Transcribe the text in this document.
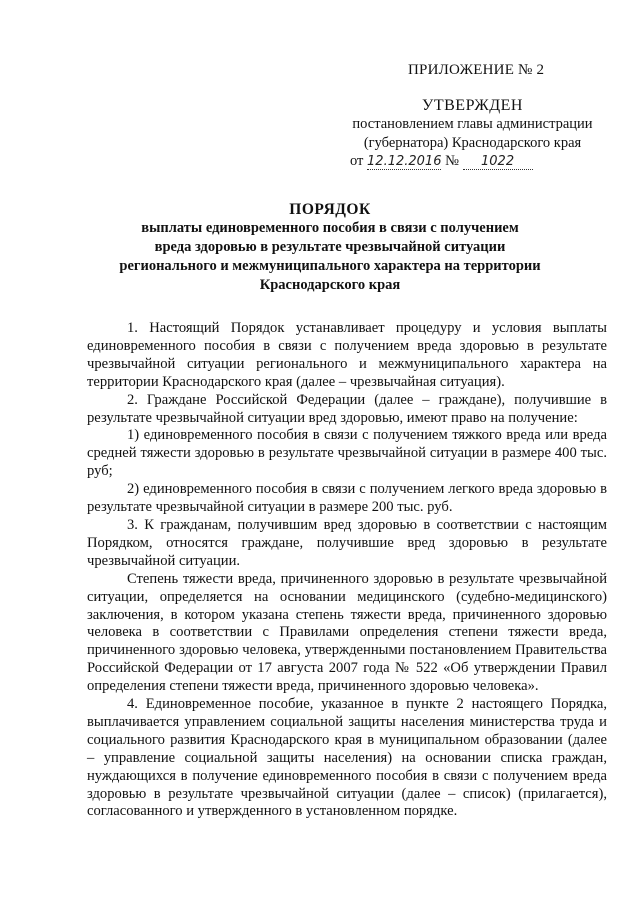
ПРИЛОЖЕНИЕ № 2
УТВЕРЖДЕН
постановлением главы администрации
(губернатора) Краснодарского края
от 12.12.2016 № 1022
ПОРЯДОК
выплаты единовременного пособия в связи с получением
вреда здоровью в результате чрезвычайной ситуации
регионального и межмуниципального характера на территории
Краснодарского края

1. Настоящий Порядок устанавливает процедуру и условия выплаты единовременного пособия в связи с получением вреда здоровью в результате чрезвычайной ситуации регионального и межмуниципального характера на территории Краснодарского края (далее – чрезвычайная ситуация).

2. Граждане Российской Федерации (далее – граждане), получившие в результате чрезвычайной ситуации вред здоровью, имеют право на получение:

1) единовременного пособия в связи с получением тяжкого вреда или вреда средней тяжести здоровью в результате чрезвычайной ситуации в размере 400 тыс. руб;

2) единовременного пособия в связи с получением легкого вреда здоровью в результате чрезвычайной ситуации в размере 200 тыс. руб.

3. К гражданам, получившим вред здоровью в соответствии с настоящим Порядком, относятся граждане, получившие вред здоровью в результате чрезвычайной ситуации.

Степень тяжести вреда, причиненного здоровью в результате чрезвычайной ситуации, определяется на основании медицинского (судебно-медицинского) заключения, в котором указана степень тяжести вреда, причиненного здоровью человека в соответствии с Правилами определения степени тяжести вреда, причиненного здоровью человека, утвержденными постановлением Правительства Российской Федерации от 17 августа 2007 года № 522 «Об утверждении Правил определения степени тяжести вреда, причиненного здоровью человека».

4. Единовременное пособие, указанное в пункте 2 настоящего Порядка, выплачивается управлением социальной защиты населения министерства труда и социального развития Краснодарского края в муниципальном образовании (далее – управление социальной защиты населения) на основании списка граждан, нуждающихся в получение единовременного пособия в связи с получением вреда здоровью в результате чрезвычайной ситуации (далее – список) (прилагается), согласованного и утвержденного в установленном порядке.
